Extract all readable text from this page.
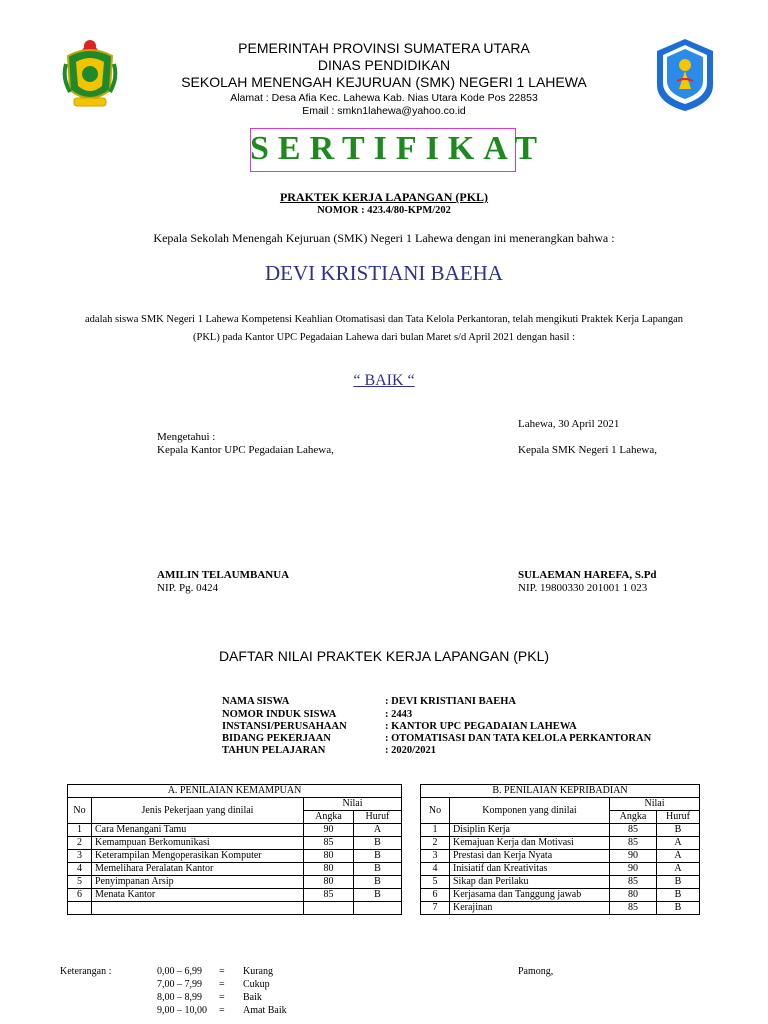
PEMERINTAH PROVINSI SUMATERA UTARA
DINAS PENDIDIKAN
SEKOLAH MENENGAH KEJURUAN (SMK) NEGERI 1 LAHEWA
Alamat : Desa Afia Kec. Lahewa Kab. Nias Utara Kode Pos 22853
Email : smkn1lahewa@yahoo.co.id
SERTIFIKAT
PRAKTEK KERJA LAPANGAN (PKL)
NOMOR : 423.4/80-KPM/202
Kepala Sekolah Menengah Kejuruan (SMK) Negeri 1 Lahewa dengan ini menerangkan bahwa :
DEVI KRISTIANI BAEHA
adalah siswa SMK Negeri 1 Lahewa Kompetensi Keahlian Otomatisasi dan Tata Kelola Perkantoran, telah mengikuti Praktek Kerja Lapangan
(PKL) pada Kantor UPC Pegadaian Lahewa dari bulan Maret s/d April 2021 dengan hasil :
“ BAIK “
Lahewa, 30 April 2021
Mengetahui :
Kepala Kantor UPC Pegadaian Lahewa,	Kepala SMK Negeri 1 Lahewa,
AMILIN TELAUMBANUA
NIP. Pg. 0424
SULAEMAN HAREFA, S.Pd
NIP. 19800330 201001 1 023
DAFTAR NILAI PRAKTEK KERJA LAPANGAN (PKL)
NAMA SISWA	: DEVI KRISTIANI BAEHA
NOMOR INDUK SISWA	: 2443
INSTANSI/PERUSAHAAN	: KANTOR UPC PEGADAIAN LAHEWA
BIDANG PEKERJAAN	: OTOMATISASI DAN TATA KELOLA PERKANTORAN
TAHUN PELAJARAN	: 2020/2021
A. PENILAIAN KEMAMPUAN			
No	Jenis Pekerjaan yang dinilai	Nilai	
		Angka	Huruf
1	Cara Menangani Tamu	90	A
2	Kemampuan Berkomunikasi	85	B
3	Keterampilan Mengoperasikan Komputer	80	B
4	Memelihara Peralatan Kantor	80	B
5	Penyimpanan Arsip	80	B
6	Menata Kantor	85	B

B. PENILAIAN KEPRIBADIAN			
No	Komponen yang dinilai	Nilai	
		Angka	Huruf
1	Disiplin Kerja	85	B
2	Kemajuan Kerja dan Motivasi	85	A
3	Prestasi dan Kerja Nyata	90	A
4	Inisiatif dan Kreativitas	90	A
5	Sikap dan Perilaku	85	B
6	Kerjasama dan Tanggung jawab	80	B
7	Kerajinan	85	B
Keterangan :	0,00 – 6,99 = Kurang
7,00 – 7,99 = Cukup
8,00 – 8,99 = Baik
9,00 – 10,00 = Amat Baik
Pamong,
